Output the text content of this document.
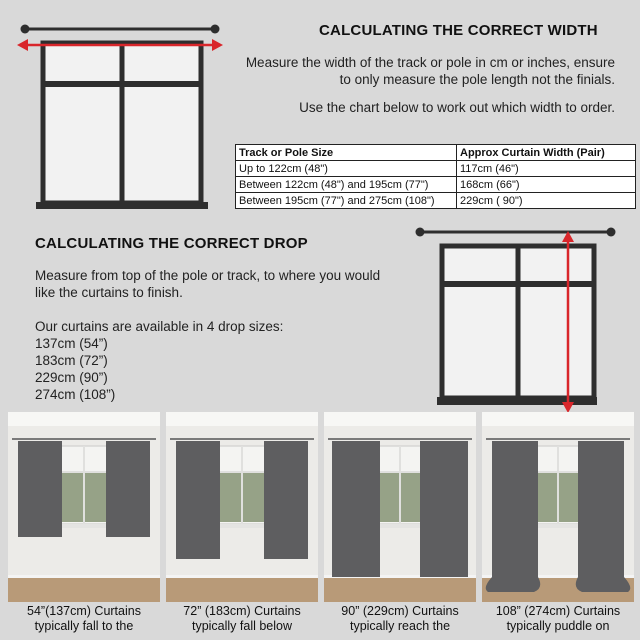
CALCULATING THE CORRECT WIDTH
Measure the width of the track or pole in cm or inches, ensure
to only measure the pole length not the finials.
Use the chart below to work out which width to order.
Track or Pole Size	Approx Curtain Width (Pair)
Up to 122cm (48")	117cm (46")
Between 122cm (48") and 195cm (77")	168cm (66")
Between 195cm (77") and 275cm (108")	229cm ( 90")
CALCULATING THE CORRECT DROP
Measure from top of the pole or track, to where you would
like the curtains to finish.
Our curtains are available in 4 drop sizes:
137cm (54”)
183cm (72”)
229cm (90”)
274cm (108”)
54”(137cm) Curtains
typically fall to the
72” (183cm) Curtains
typically fall below
90” (229cm) Curtains
typically reach the
108” (274cm) Curtains
typically puddle on
